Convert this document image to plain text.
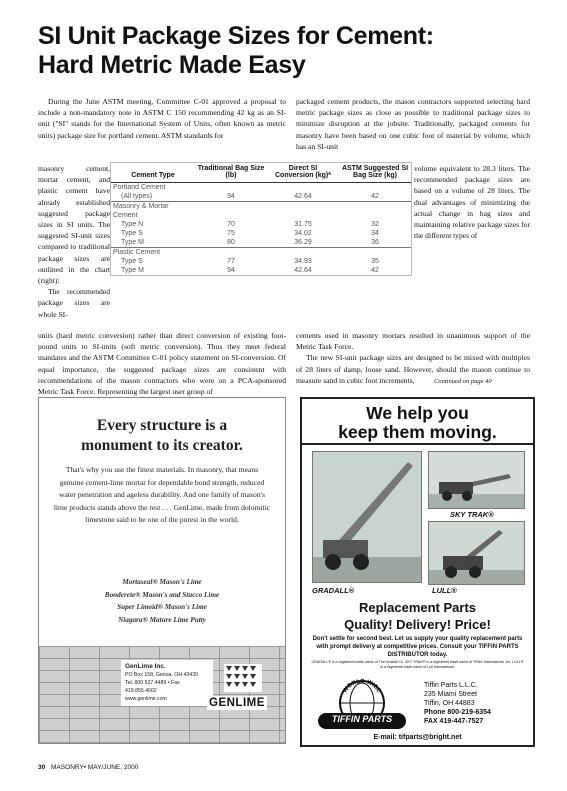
SI Unit Package Sizes for Cement:
Hard Metric Made Easy

During the June ASTM meeting, Committee C-01 approved a proposal to include a non-mandatory note in ASTM C 150 recommending 42 kg as an SI-unit ("SI" stands for the International System of Units, often known as metric units) package size for portland cement. ASTM standards for

masonry cement, mortar cement, and plastic cement have already established suggested package sizes in SI units. The suggested SI-unit sizes compared to traditional package sizes are outlined in the chart (right):

The recommended package sizes are whole SI-

units (hard metric conversion) rather than direct conversion of existing foot-pound units to SI-units (soft metric conversion). Thus they meet federal mandates and the ASTM Committee C-01 policy statement on SI-conversion. Of equal importance, the suggested package sizes are consistent with recommendations of the mason contractors who were on a PCA-sponsored Metric Task Force. Representing the largest user group of

packaged cement products, the mason contractors supported selecting hard metric package sizes as close as possible to traditional package sizes to minimize disruption at the jobsite. Traditionally, packaged cements for masonry have been based on one cubic foot of material by volume, which has an SI-unit

volume equivalent to 28.3 liters. The recommended package sizes are based on a volume of 28 liters. The dual advantages of minimizing the actual change in bag sizes and maintaining relative package sizes for the different types of

cements used in masonry mortars resulted in unanimous support of the Metric Task Force.

The new SI-unit package sizes are designed to be mixed with multiples of 28 liters of damp, loose sand. However, should the mason continue to measure sand in cubic foot increments,	Continued on page 40
Cement Type	Traditional Bag Size (lb)	Direct SI Conversion (kg)*	ASTM Suggested SI Bag Size (kg)
Portland Cement			
(All types)	94	42.64	42
Masonry & Mortar Cement			
Type N	70	31.75	32
Type S	75	34.02	34
Type M	80	36.29	36
Plastic Cement			
Type S	77	34.93	35
Type M	94	42.64	42
Every structure is a
monument to its creator.
That's why you use the finest materials. In masonry, that means genuine cement-lime mortar for dependable bond strength, reduced water penetration and ageless durability. And one family of mason's lime products stands above the rest . . . GenLime, made from dolomitic limestone said to be one of the purest in the world.
Mortaseal® Mason's Lime
Bonderete® Mason's and Stucco Lime
Super Limoid® Mason's Lime
Niagara® Mature Lime Putty
GenLime Inc.
PO Box 158, Genoa, OH 43430
Tel. 800.537.4489 • Fax 419.855.4602
www.genlime.com	GENLIME
We help you
keep them moving.
SKY TRAK®
GRADALL®	LULL®
Replacement Parts
Quality! Delivery! Price!
Don't settle for second best. Let us supply your quality replacement parts with prompt delivery at competitive prices. Consult your TIFFIN PARTS DISTRIBUTOR today.
GRADALL® is a registered trade name of The Gradall Co. SKY TRAK® is a registered trade name of TRAK International, Inc. LULL® is a registered trade name of Lull International.
WORLD WIDE
TIFFIN PARTS
Tiffin Parts L.L.C.
235 Miami Street
Tiffin, OH 44883
Phone 800-219-6354
FAX 419-447-7527
E-mail: tifparts@bright.net
30 MASONRY• MAY/JUNE, 2000
